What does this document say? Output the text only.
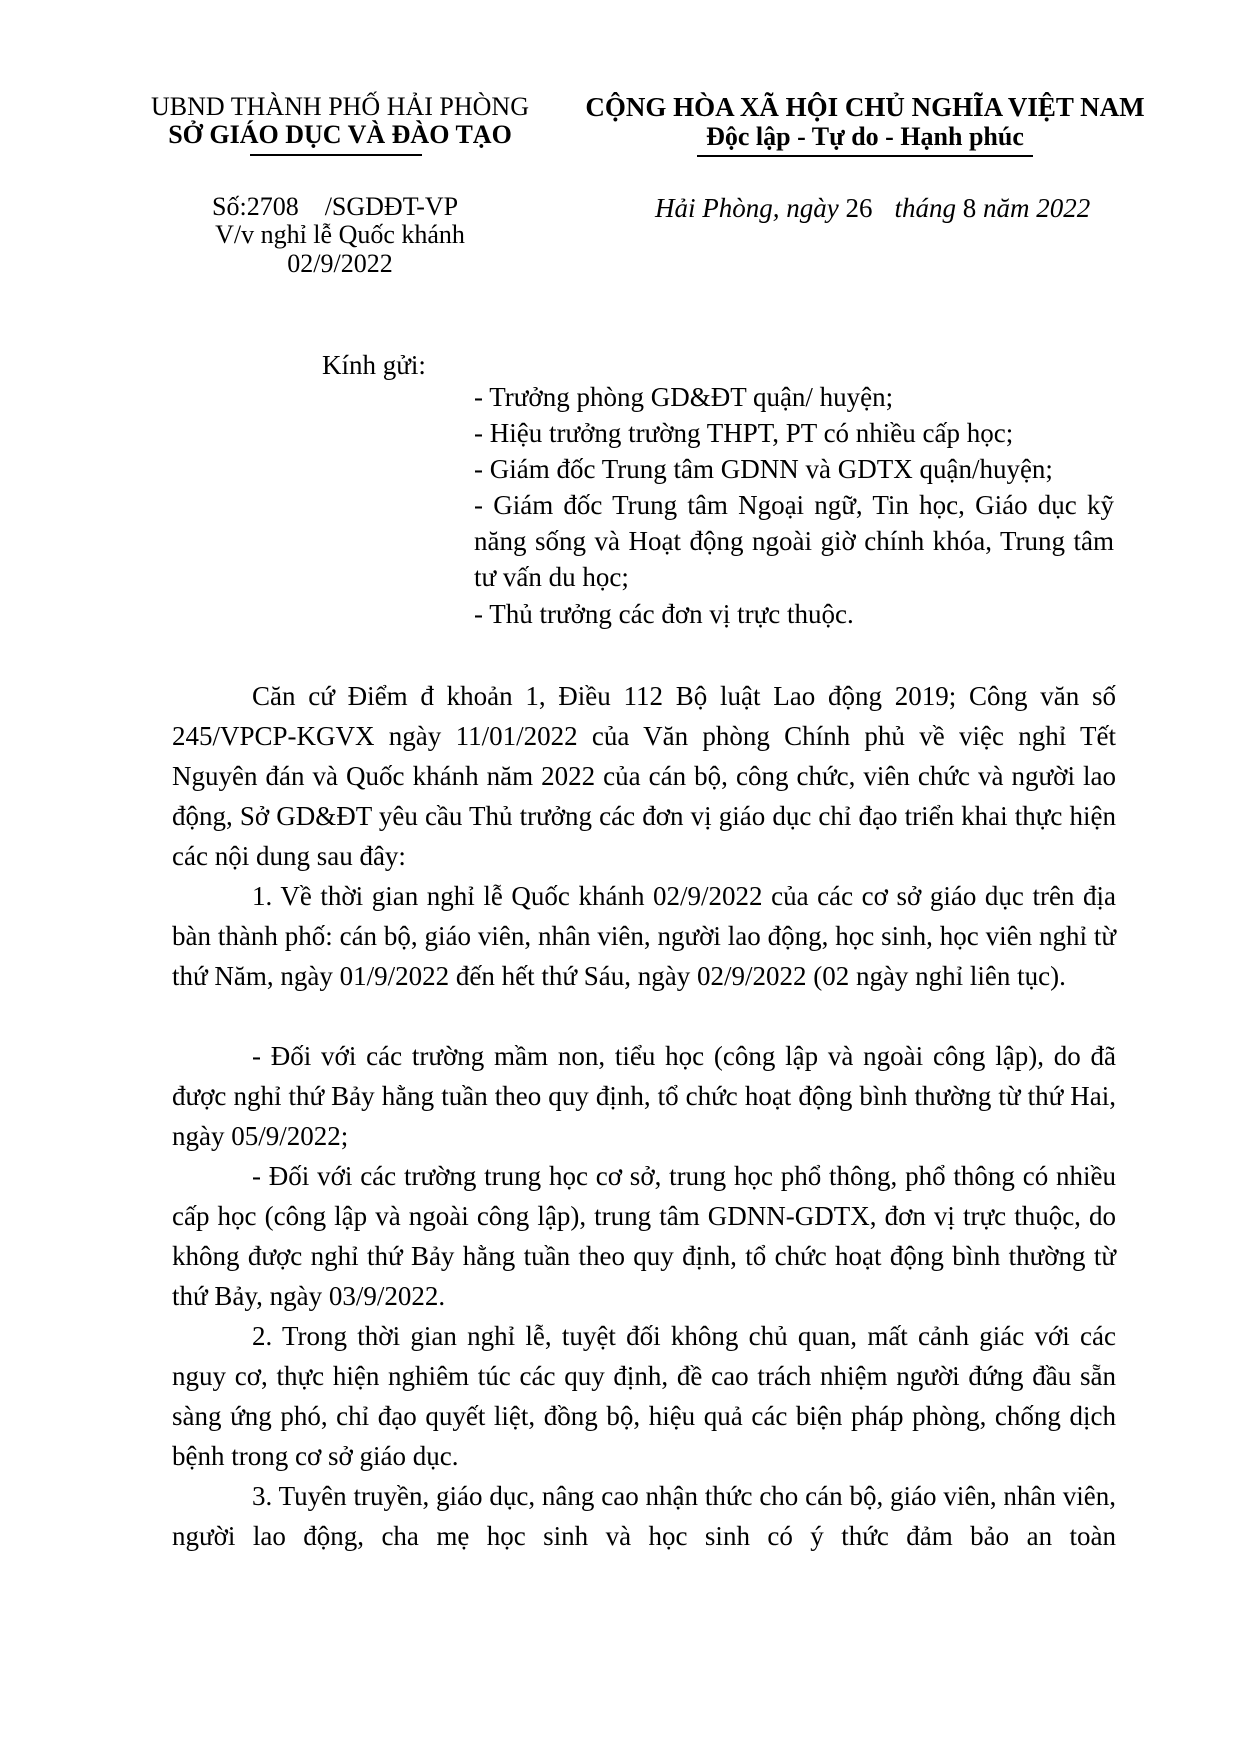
UBND THÀNH PHỐ HẢI PHÒNG
SỞ GIÁO DỤC VÀ ĐÀO TẠO
CỘNG HÒA XÃ HỘI CHỦ NGHĨA VIỆT NAM
Độc lập - Tự do - Hạnh phúc
Số:2708 /SGDĐT-VP
V/v nghỉ lễ Quốc khánh
02/9/2022
Hải Phòng, ngày 26 tháng 8 năm 2022
Kính gửi:
- Trưởng phòng GD&ĐT quận/ huyện;
- Hiệu trưởng trường THPT, PT có nhiều cấp học;
- Giám đốc Trung tâm GDNN và GDTX quận/huyện;
- Giám đốc Trung tâm Ngoại ngữ, Tin học, Giáo dục kỹ năng sống và Hoạt động ngoài giờ chính khóa, Trung tâm tư vấn du học;
- Thủ trưởng các đơn vị trực thuộc.
Căn cứ Điểm đ khoản 1, Điều 112 Bộ luật Lao động 2019; Công văn số 245/VPCP-KGVX ngày 11/01/2022 của Văn phòng Chính phủ về việc nghỉ Tết Nguyên đán và Quốc khánh năm 2022 của cán bộ, công chức, viên chức và người lao động, Sở GD&ĐT yêu cầu Thủ trưởng các đơn vị giáo dục chỉ đạo triển khai thực hiện các nội dung sau đây:
1. Về thời gian nghỉ lễ Quốc khánh 02/9/2022 của các cơ sở giáo dục trên địa bàn thành phố: cán bộ, giáo viên, nhân viên, người lao động, học sinh, học viên nghỉ từ thứ Năm, ngày 01/9/2022 đến hết thứ Sáu, ngày 02/9/2022 (02 ngày nghỉ liên tục).
- Đối với các trường mầm non, tiểu học (công lập và ngoài công lập), do đã được nghỉ thứ Bảy hằng tuần theo quy định, tổ chức hoạt động bình thường từ thứ Hai, ngày 05/9/2022;
- Đối với các trường trung học cơ sở, trung học phổ thông, phổ thông có nhiều cấp học (công lập và ngoài công lập), trung tâm GDNN-GDTX, đơn vị trực thuộc, do không được nghỉ thứ Bảy hằng tuần theo quy định, tổ chức hoạt động bình thường từ thứ Bảy, ngày 03/9/2022.
2. Trong thời gian nghỉ lễ, tuyệt đối không chủ quan, mất cảnh giác với các nguy cơ, thực hiện nghiêm túc các quy định, đề cao trách nhiệm người đứng đầu sẵn sàng ứng phó, chỉ đạo quyết liệt, đồng bộ, hiệu quả các biện pháp phòng, chống dịch bệnh trong cơ sở giáo dục.
3. Tuyên truyền, giáo dục, nâng cao nhận thức cho cán bộ, giáo viên, nhân viên, người lao động, cha mẹ học sinh và học sinh có ý thức đảm bảo an toàn
